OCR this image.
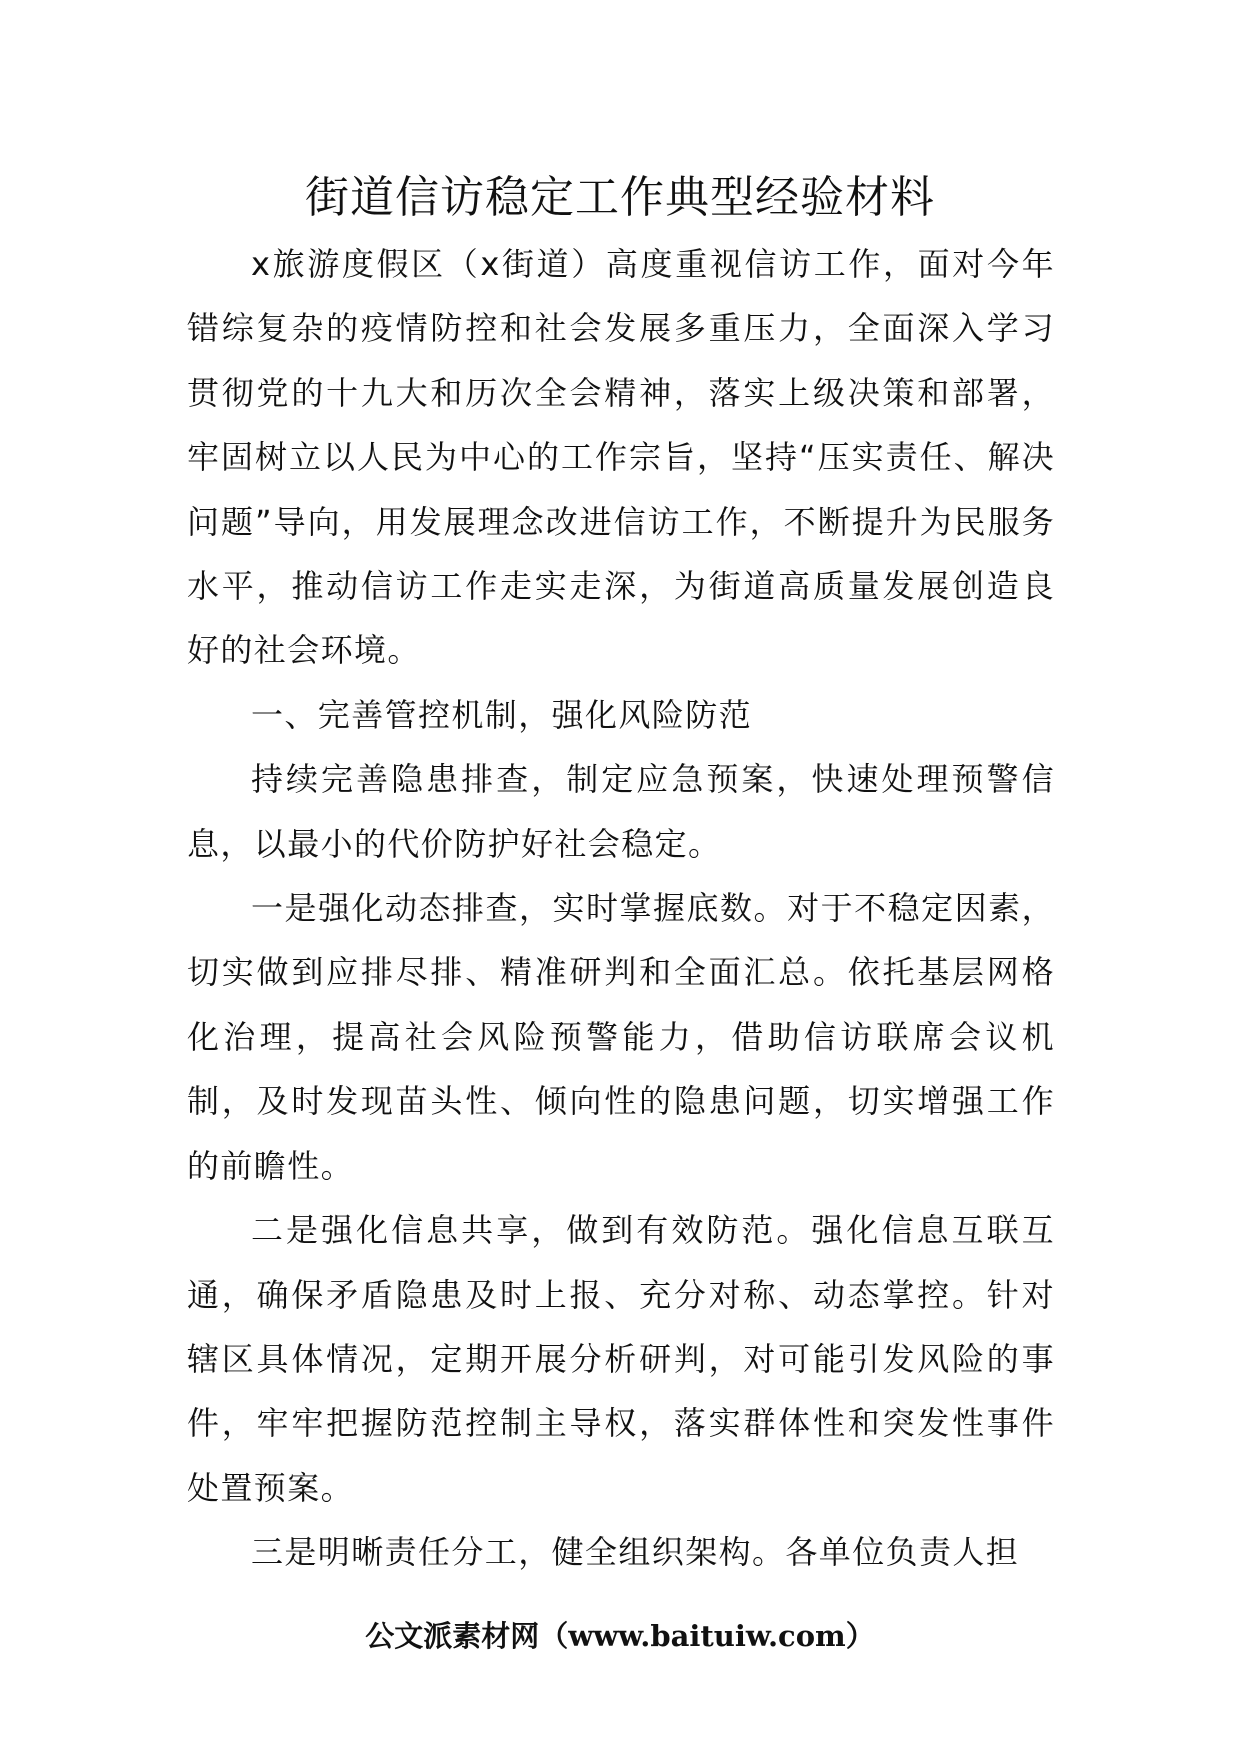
街道信访稳定工作典型经验材料

x旅游度假区（x街道）高度重视信访工作，面对今年错综复杂的疫情防控和社会发展多重压力，全面深入学习贯彻党的十九大和历次全会精神，落实上级决策和部署，牢固树立以人民为中心的工作宗旨，坚持“压实责任、解决问题”导向，用发展理念改进信访工作，不断提升为民服务水平，推动信访工作走实走深，为街道高质量发展创造良好的社会环境。

一、完善管控机制，强化风险防范

持续完善隐患排查，制定应急预案，快速处理预警信息，以最小的代价防护好社会稳定。

一是强化动态排查，实时掌握底数。对于不稳定因素，切实做到应排尽排、精准研判和全面汇总。依托基层网格化治理，提高社会风险预警能力，借助信访联席会议机制，及时发现苗头性、倾向性的隐患问题，切实增强工作的前瞻性。

二是强化信息共享，做到有效防范。强化信息互联互通，确保矛盾隐患及时上报、充分对称、动态掌控。针对辖区具体情况，定期开展分析研判，对可能引发风险的事件，牢牢把握防范控制主导权，落实群体性和突发性事件处置预案。

三是明晰责任分工，健全组织架构。各单位负责人担

公文派素材网（www.baituiw.com）
